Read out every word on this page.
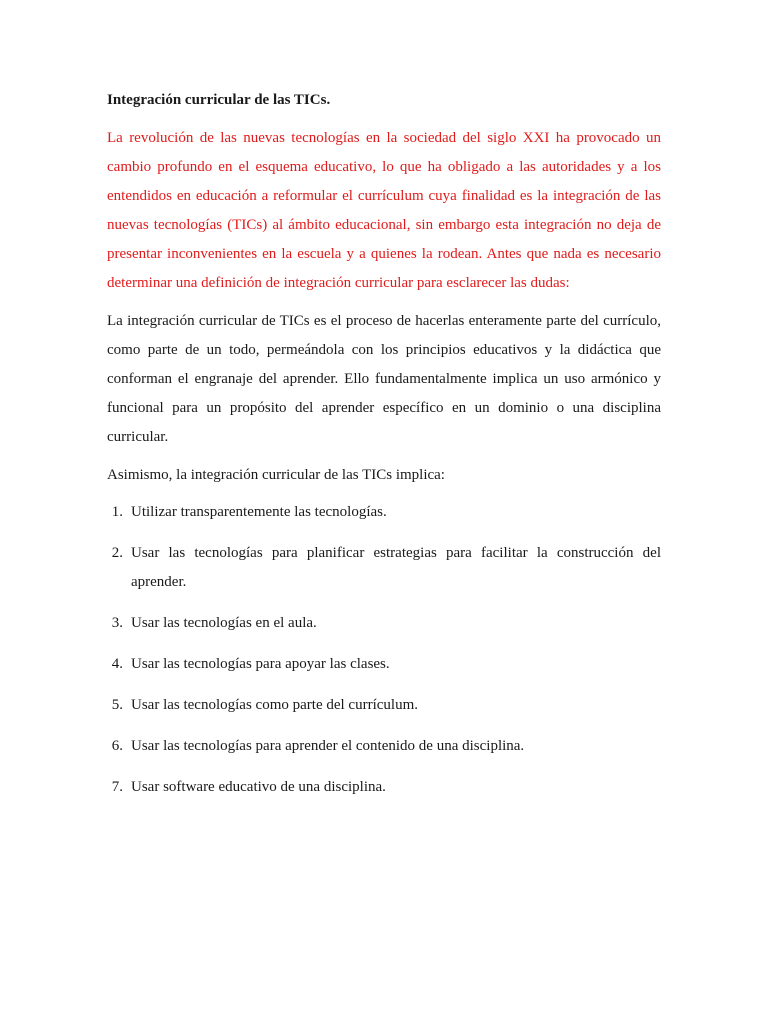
Integración curricular de las TICs.

La revolución de las nuevas tecnologías en la sociedad del siglo XXI ha provocado un cambio profundo en el esquema educativo, lo que ha obligado a las autoridades y a los entendidos en educación a reformular el currículum cuya finalidad es la integración de las nuevas tecnologías (TICs) al ámbito educacional, sin embargo esta integración no deja de presentar inconvenientes en la escuela y a quienes la rodean. Antes que nada es necesario determinar una definición de integración curricular para esclarecer las dudas:

La integración curricular de TICs es el proceso de hacerlas enteramente parte del currículo, como parte de un todo, permeándola con los principios educativos y la didáctica que conforman el engranaje del aprender. Ello fundamentalmente implica un uso armónico y funcional para un propósito del aprender específico en un dominio o una disciplina curricular.

Asimismo, la integración curricular de las TICs implica:

1. Utilizar transparentemente las tecnologías.
2. Usar las tecnologías para planificar estrategias para facilitar la construcción del aprender.
3. Usar las tecnologías en el aula.
4. Usar las tecnologías para apoyar las clases.
5. Usar las tecnologías como parte del currículum.
6. Usar las tecnologías para aprender el contenido de una disciplina.
7. Usar software educativo de una disciplina.
